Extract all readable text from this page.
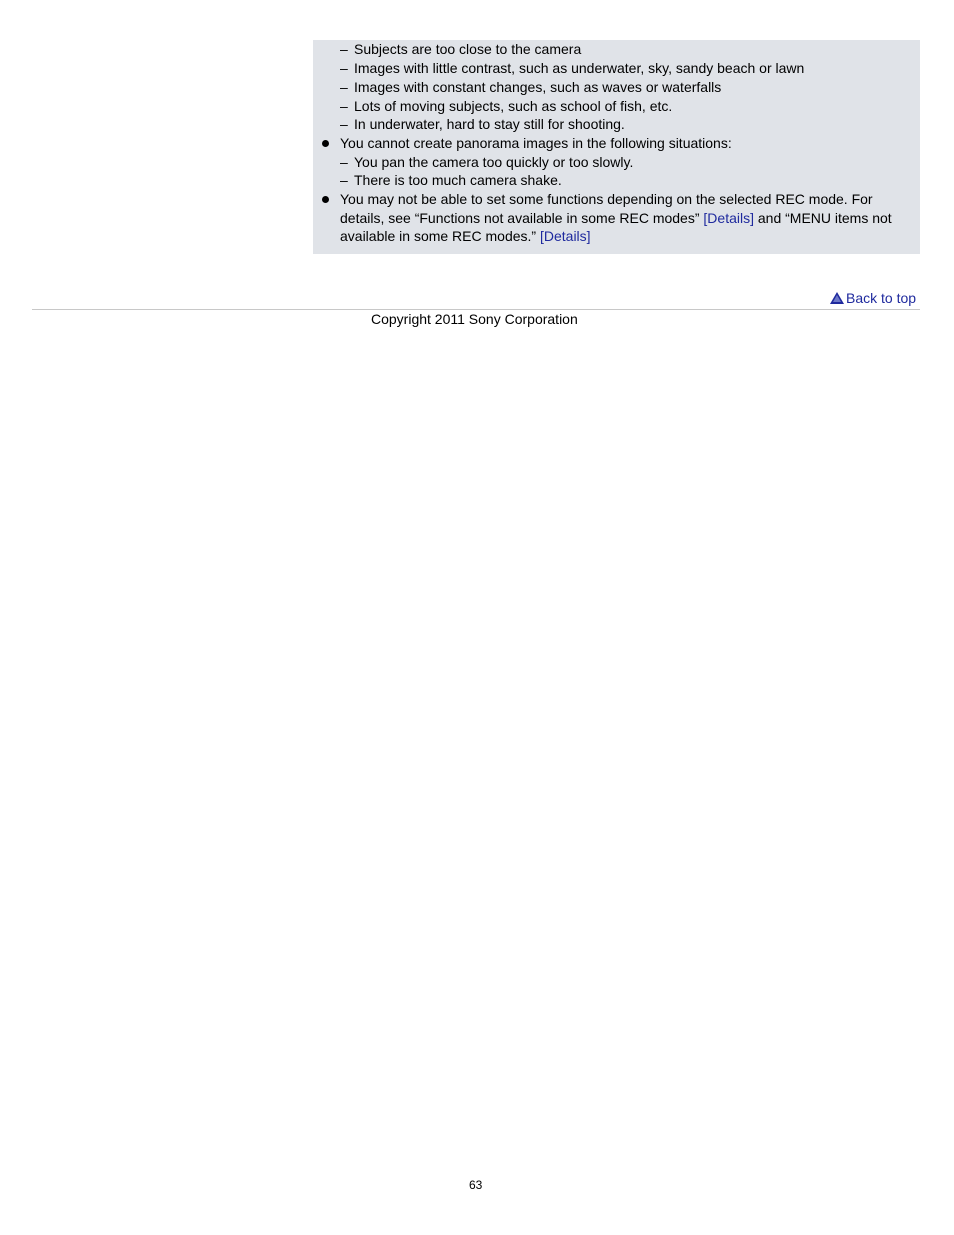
– Subjects are too close to the camera
– Images with little contrast, such as underwater, sky, sandy beach or lawn
– Images with constant changes, such as waves or waterfalls
– Lots of moving subjects, such as school of fish, etc.
– In underwater, hard to stay still for shooting.
You cannot create panorama images in the following situations:
– You pan the camera too quickly or too slowly.
– There is too much camera shake.
You may not be able to set some functions depending on the selected REC mode. For
details, see “Functions not available in some REC modes” [Details] and “MENU items not
available in some REC modes.” [Details]
Back to top
Copyright 2011 Sony Corporation
63
